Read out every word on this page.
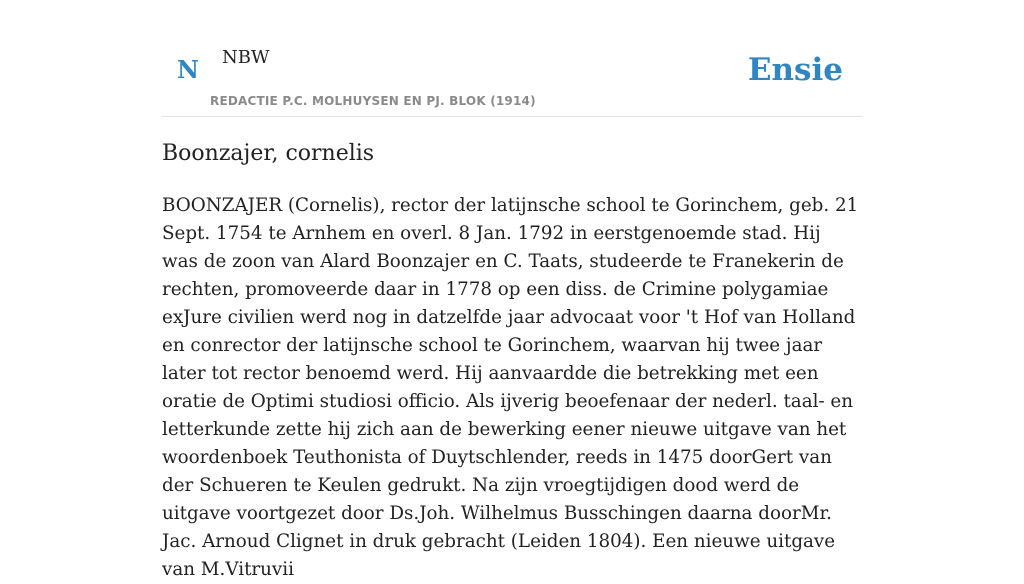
N NBW
REDACTIE P.C. MOLHUYSEN EN PJ. BLOK (1914)
Ensie
Boonzajer, cornelis

BOONZAJER (Cornelis), rector der latijnsche school te Gorinchem, geb. 21 Sept. 1754 te Arnhem en overl. 8 Jan. 1792 in eerstgenoemde stad. Hij was de zoon van Alard Boonzajer en C. Taats, studeerde te Franekerin de rechten, promoveerde daar in 1778 op een diss. de Crimine polygamiae exJure civilien werd nog in datzelfde jaar advocaat voor 't Hof van Holland en conrector der latijnsche school te Gorinchem, waarvan hij twee jaar later tot rector benoemd werd. Hij aanvaardde die betrekking met een oratie de Optimi studiosi officio. Als ijverig beoefenaar der nederl. taal- en letterkunde zette hij zich aan de bewerking eener nieuwe uitgave van het woordenboek Teuthonista of Duytschlender, reeds in 1475 doorGert van der Schueren te Keulen gedrukt. Na zijn vroegtijdigen dood werd de uitgave voortgezet door Ds.Joh. Wilhelmus Busschingen daarna doorMr. Jac. Arnoud Clignet in druk gebracht (Leiden 1804). Een nieuwe uitgave van M.Vitruvii
